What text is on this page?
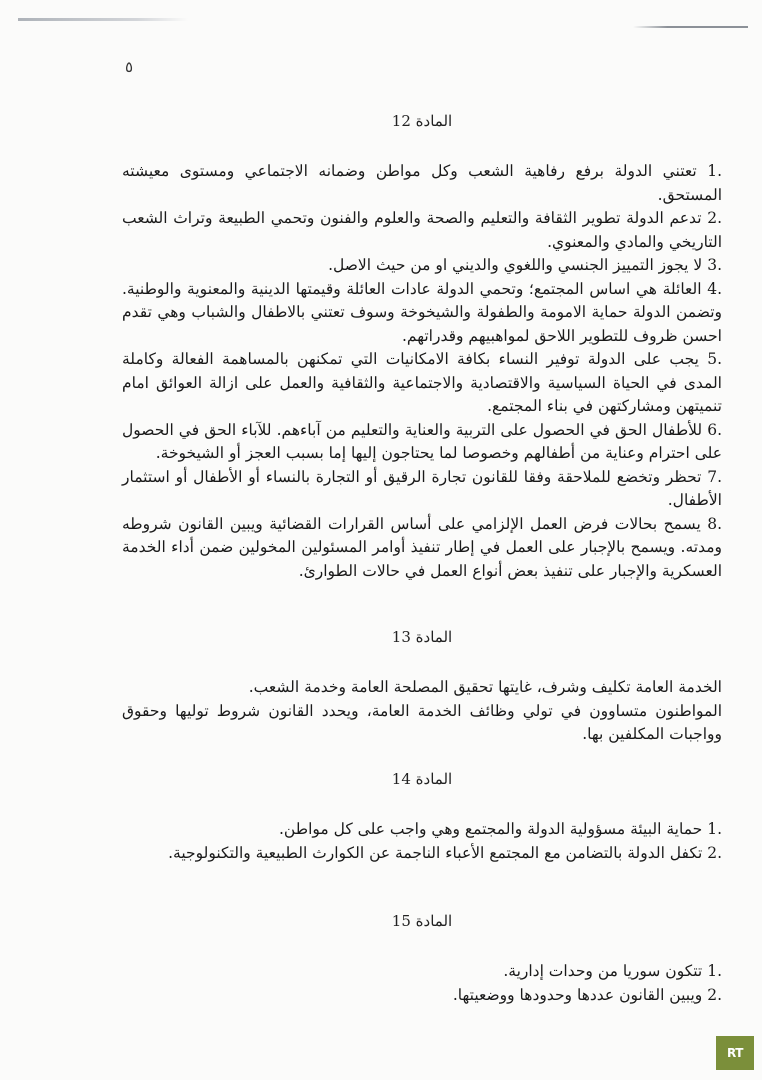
٥
المادة 12

.1 تعتني الدولة برفع رفاهية الشعب وكل مواطن وضمانه الاجتماعي ومستوى معيشته المستحق.

.2 تدعم الدولة تطوير الثقافة والتعليم والصحة والعلوم والفنون وتحمي الطبيعة وتراث الشعب التاريخي والمادي والمعنوي.

.3 لا يجوز التمييز الجنسي واللغوي والديني او من حيث الاصل.

.4 العائلة هي اساس المجتمع؛ وتحمي الدولة عادات العائلة وقيمتها الدينية والمعنوية والوطنية. وتضمن الدولة حماية الامومة والطفولة والشيخوخة وسوف تعتني بالاطفال والشباب وهي تقدم احسن ظروف للتطوير اللاحق لمواهبيهم وقدراتهم.

.5 يجب على الدولة توفير النساء بكافة الامكانيات التي تمكنهن بالمساهمة الفعالة وكاملة المدى في الحياة السياسية والاقتصادية والاجتماعية والثقافية والعمل على ازالة العوائق امام تنميتهن ومشاركتهن في بناء المجتمع.

.6 للأطفال الحق في الحصول على التربية والعناية والتعليم من آباءهم. للآباء الحق في الحصول على احترام وعناية من أطفالهم وخصوصا لما يحتاجون إليها إما بسبب العجز أو الشيخوخة.

.7 تحظر وتخضع للملاحقة وفقا للقانون تجارة الرقيق أو التجارة بالنساء أو الأطفال أو استثمار الأطفال.

.8 يسمح بحالات فرض العمل الإلزامي على أساس القرارات القضائية ويبين القانون شروطه ومدته. ويسمح بالإجبار على العمل في إطار تنفيذ أوامر المسئولين المخولين ضمن أداء الخدمة العسكرية والإجبار على تنفيذ بعض أنواع العمل في حالات الطوارئ.

المادة 13

الخدمة العامة تكليف وشرف، غايتها تحقيق المصلحة العامة وخدمة الشعب.

المواطنون متساوون في تولي وظائف الخدمة العامة، ويحدد القانون شروط توليها وحقوق وواجبات المكلفين بها.

المادة 14

.1 حماية البيئة مسؤولية الدولة والمجتمع وهي واجب على كل مواطن.

.2 تكفل الدولة بالتضامن مع المجتمع الأعباء الناجمة عن الكوارث الطبيعية والتكنولوجية.

المادة 15

.1 تتكون سوريا من وحدات إدارية.

.2 ويبين القانون عددها وحدودها ووضعيتها.

RT
